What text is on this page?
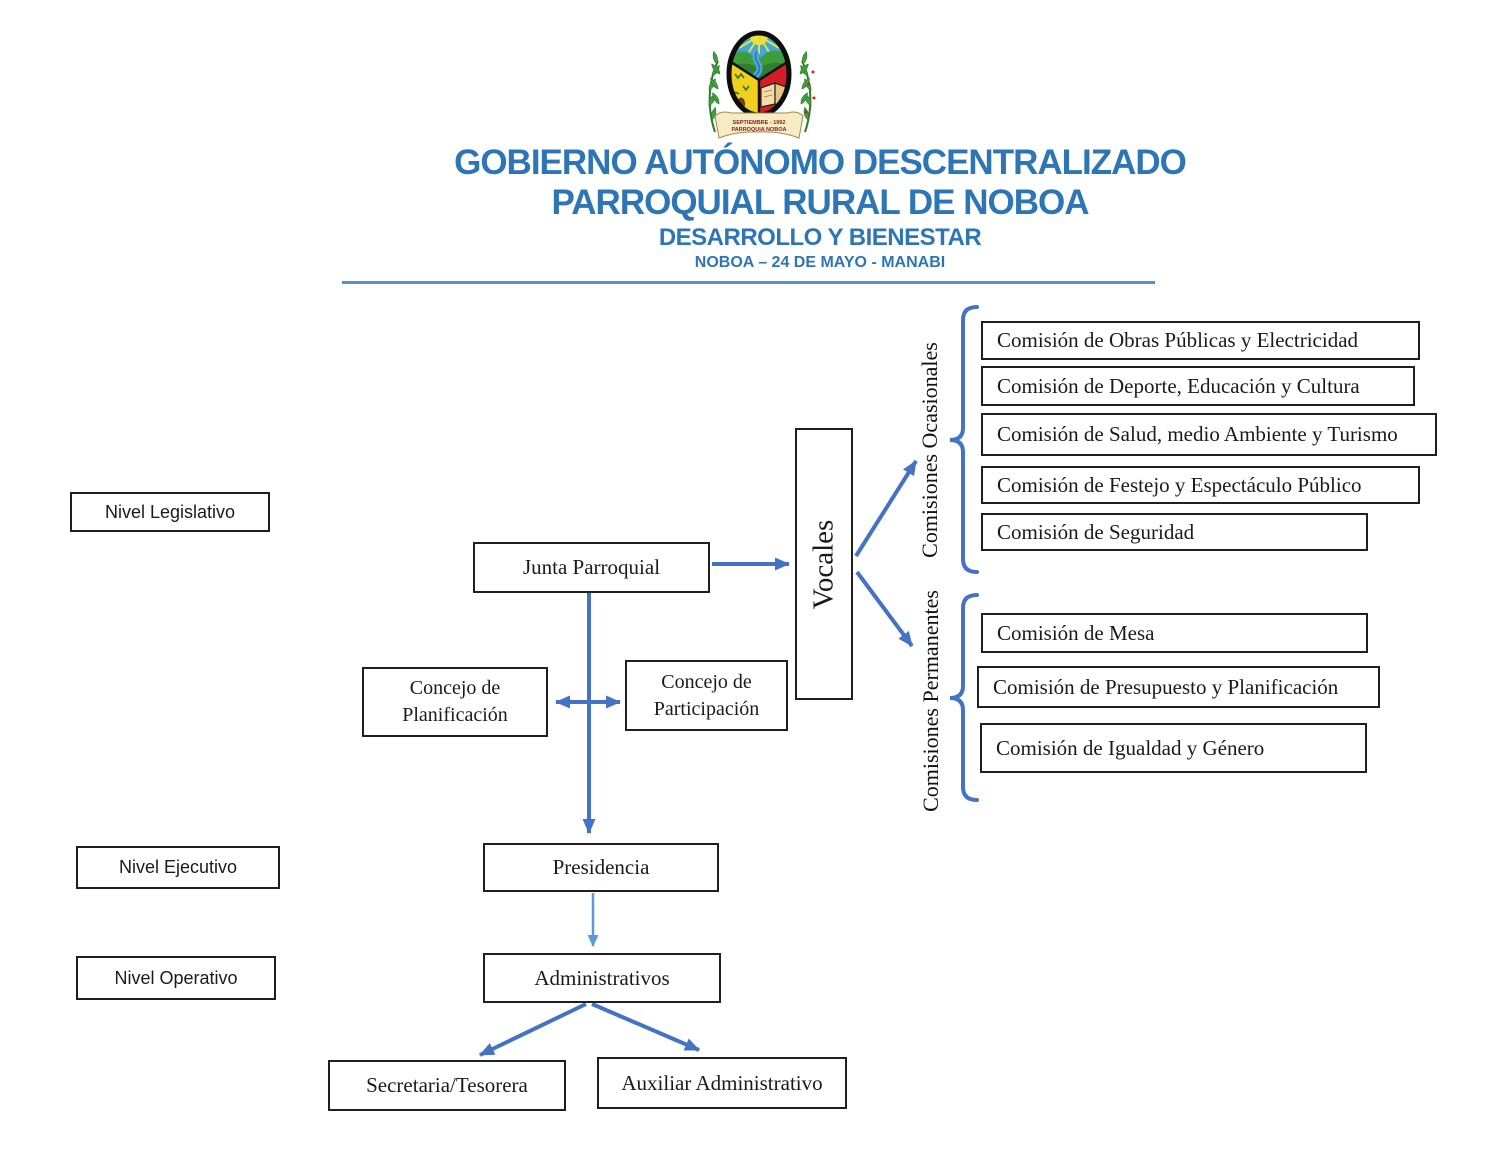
SEPTIEMBRE - 1992
PARROQUIA NOBOA
GOBIERNO AUTÓNOMO DESCENTRALIZADO
PARROQUIAL RURAL DE NOBOA
DESARROLLO Y BIENESTAR
NOBOA – 24 DE MAYO - MANABI
Nivel Legislativo
Nivel Ejecutivo
Nivel Operativo
Junta Parroquial	Vocales
Concejo de Planificación
Concejo de Participación
Presidencia
Administrativos
Secretaria/Tesorera	Auxiliar Administrativo
Comisiones Ocasionales
Comisiones Permanentes
Comisión de Obras Públicas y Electricidad
Comisión de Deporte, Educación y Cultura
Comisión de Salud, medio Ambiente y Turismo
Comisión de Festejo y Espectáculo Público
Comisión de Seguridad
Comisión de Mesa
Comisión de Presupuesto y Planificación
Comisión de Igualdad y Género
